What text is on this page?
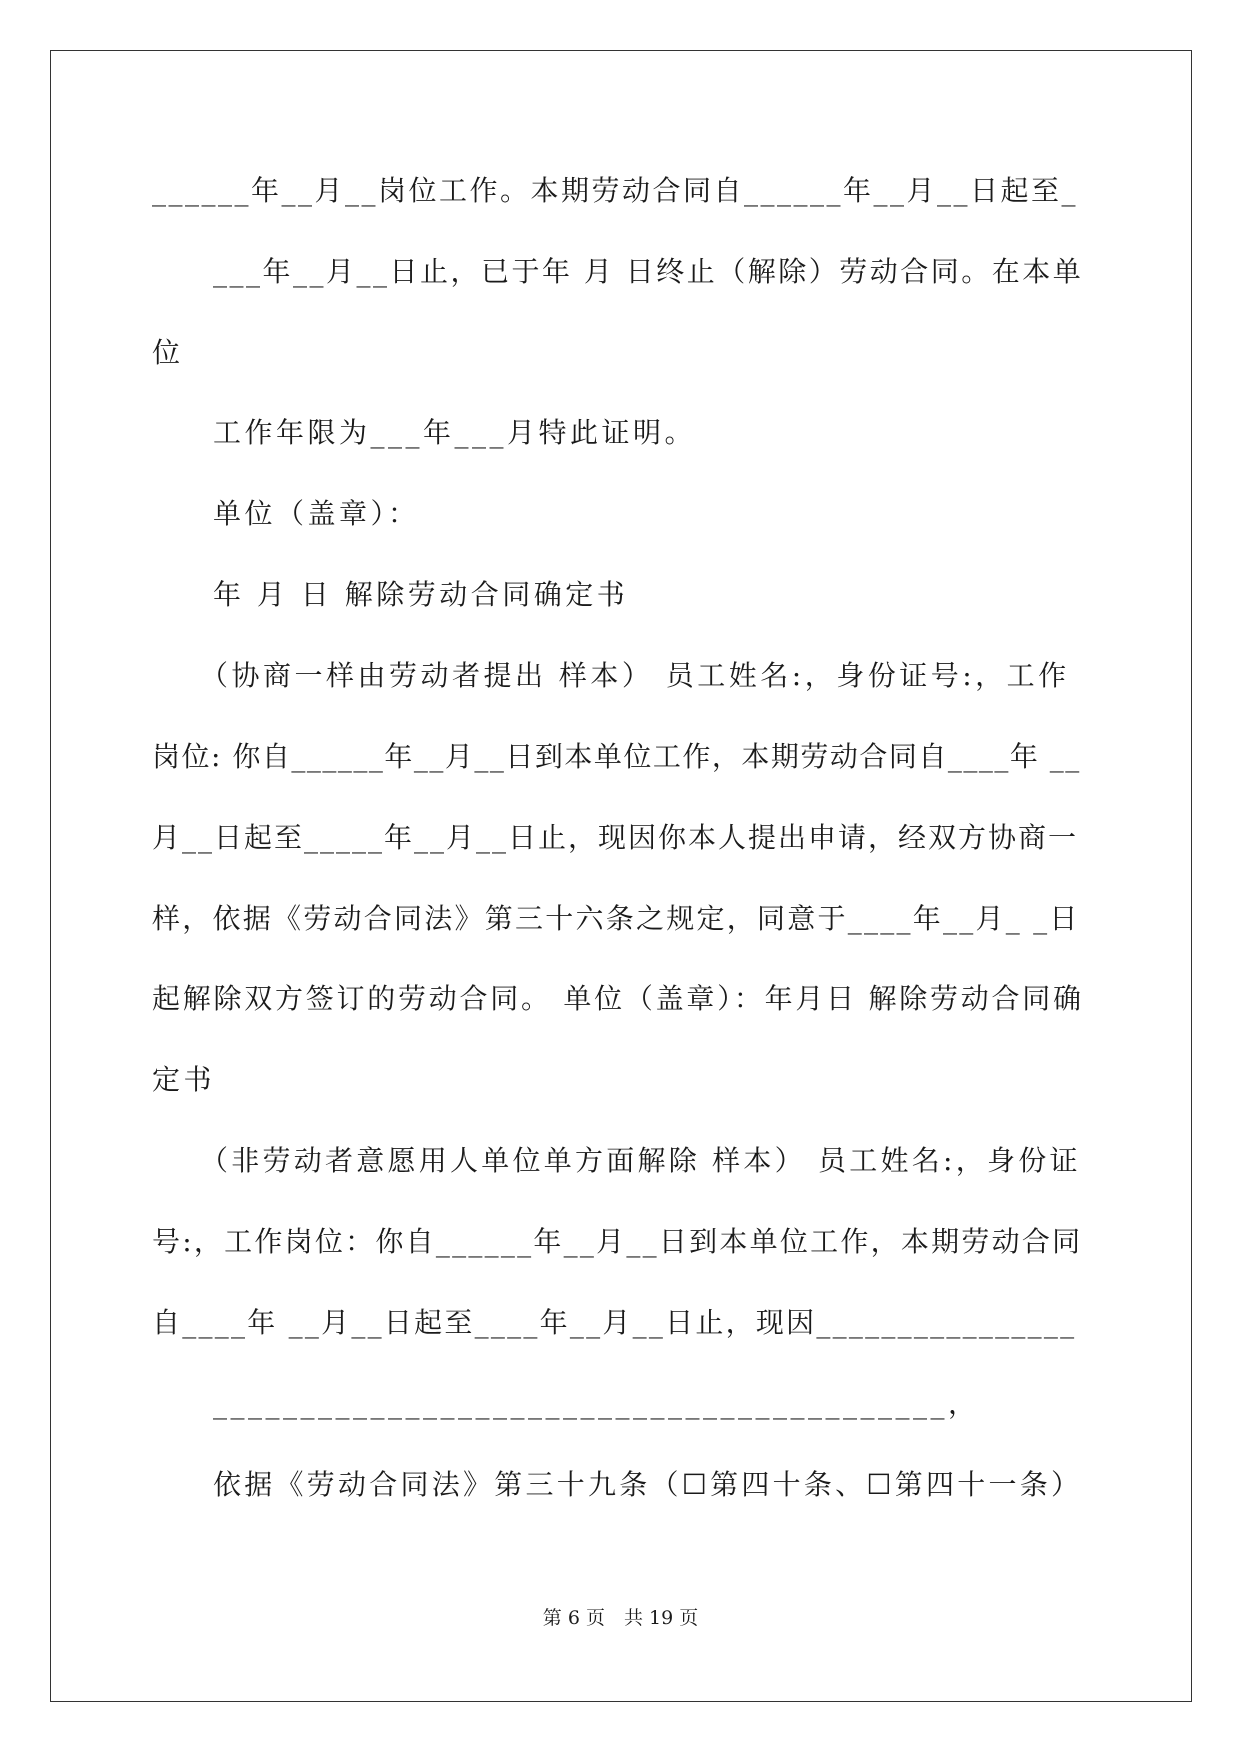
______年__月__岗位工作。本期劳动合同自______年__月__日起至_
___年__月__日止，已于年 月 日终止（解除）劳动合同。在本单
位
工作年限为___年___月特此证明。
单位（盖章）：
年 月 日 解除劳动合同确定书
（协商一样由劳动者提出 样本） 员工姓名:，身份证号:，工作
岗位: 你自______年__月__日到本单位工作，本期劳动合同自____年 __
月__日起至_____年__月__日止，现因你本人提出申请，经双方协商一
样，依据《劳动合同法》第三十六条之规定，同意于____年__月_ _日
起解除双方签订的劳动合同。 单位（盖章）：年月日 解除劳动合同确
定书
（非劳动者意愿用人单位单方面解除 样本） 员工姓名:，身份证
号:，工作岗位：你自______年__月__日到本单位工作，本期劳动合同
自____年 __月__日起至____年__月__日止，现因________________
__________________________________________，
依据《劳动合同法》第三十九条（☐第四十条、☐第四十一条）
第 6 页　共 19 页
